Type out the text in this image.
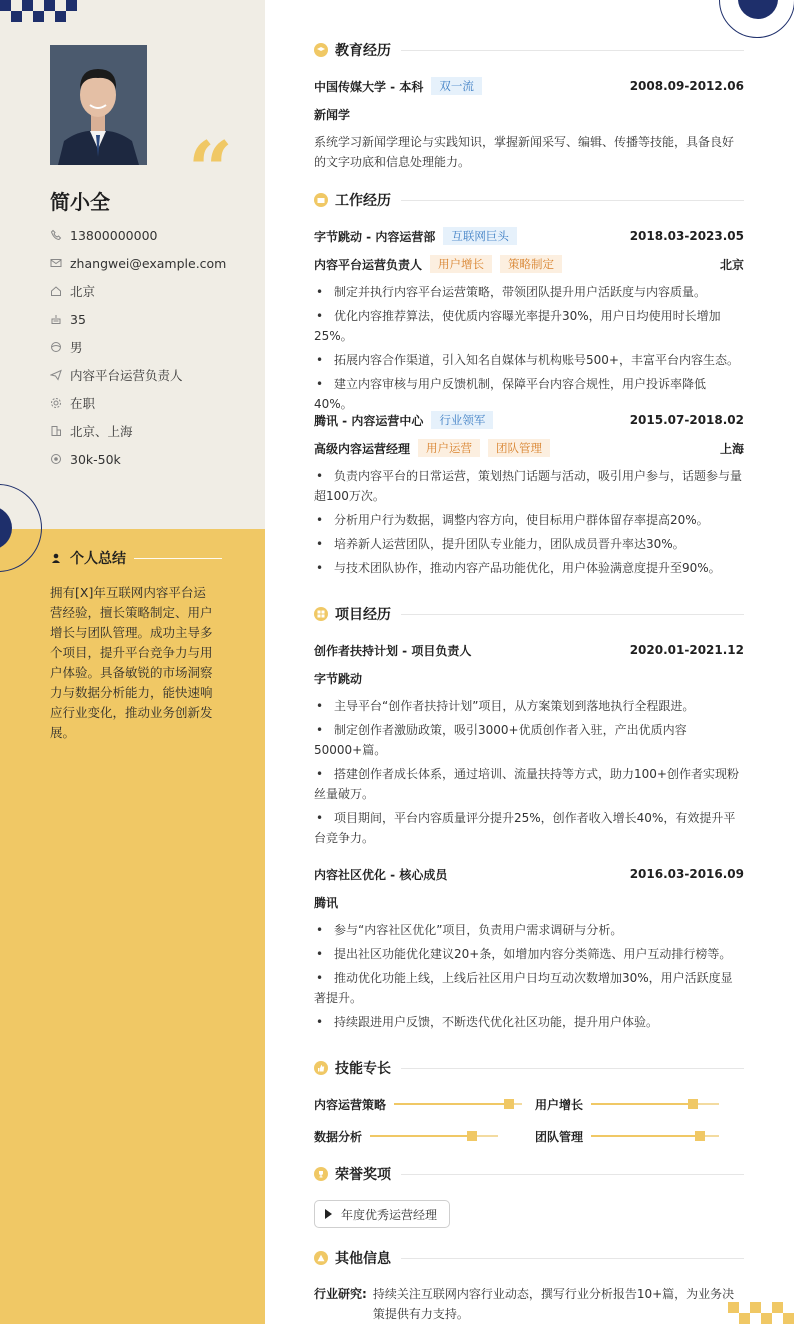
“
简小全
13800000000
zhangwei@example.com
北京
35
男
内容平台运营负责人
在职
北京、上海
30k-50k
个人总结
拥有[X]年互联网内容平台运营经验，擅长策略制定、用户增长与团队管理。成功主导多个项目，提升平台竞争力与用户体验。具备敏锐的市场洞察力与数据分析能力，能快速响应行业变化，推动业务创新发展。
教育经历
中国传媒大学 - 本科	双一流	2008.09-2012.06
新闻学
系统学习新闻学理论与实践知识，掌握新闻采写、编辑、传播等技能，具备良好的文字功底和信息处理能力。
工作经历
字节跳动 - 内容运营部	互联网巨头	2018.03-2023.05
内容平台运营负责人	用户增长	策略制定	北京
• 制定并执行内容平台运营策略，带领团队提升用户活跃度与内容质量。
• 优化内容推荐算法，使优质内容曝光率提升30%，用户日均使用时长增加25%。
• 拓展内容合作渠道，引入知名自媒体与机构账号500+，丰富平台内容生态。
• 建立内容审核与用户反馈机制，保障平台内容合规性，用户投诉率降低40%。
腾讯 - 内容运营中心	行业领军	2015.07-2018.02
高级内容运营经理	用户运营	团队管理	上海
• 负责内容平台的日常运营，策划热门话题与活动，吸引用户参与，话题参与量超100万次。
• 分析用户行为数据，调整内容方向，使目标用户群体留存率提高20%。
• 培养新人运营团队，提升团队专业能力，团队成员晋升率达30%。
• 与技术团队协作，推动内容产品功能优化，用户体验满意度提升至90%。
项目经历
创作者扶持计划 - 项目负责人	2020.01-2021.12
字节跳动
• 主导平台“创作者扶持计划”项目，从方案策划到落地执行全程跟进。
• 制定创作者激励政策，吸引3000+优质创作者入驻，产出优质内容50000+篇。
• 搭建创作者成长体系，通过培训、流量扶持等方式，助力100+创作者实现粉丝量破万。
• 项目期间，平台内容质量评分提升25%，创作者收入增长40%，有效提升平台竞争力。
内容社区优化 - 核心成员	2016.03-2016.09
腾讯
• 参与“内容社区优化”项目，负责用户需求调研与分析。
• 提出社区功能优化建议20+条，如增加内容分类筛选、用户互动排行榜等。
• 推动优化功能上线，上线后社区用户日均互动次数增加30%，用户活跃度显著提升。
• 持续跟进用户反馈，不断迭代优化社区功能，提升用户体验。
技能专长
内容运营策略	用户增长
数据分析	团队管理
荣誉奖项
年度优秀运营经理
其他信息
行业研究: 持续关注互联网内容行业动态，撰写行业分析报告10+篇，为业务决策提供有力支持。
